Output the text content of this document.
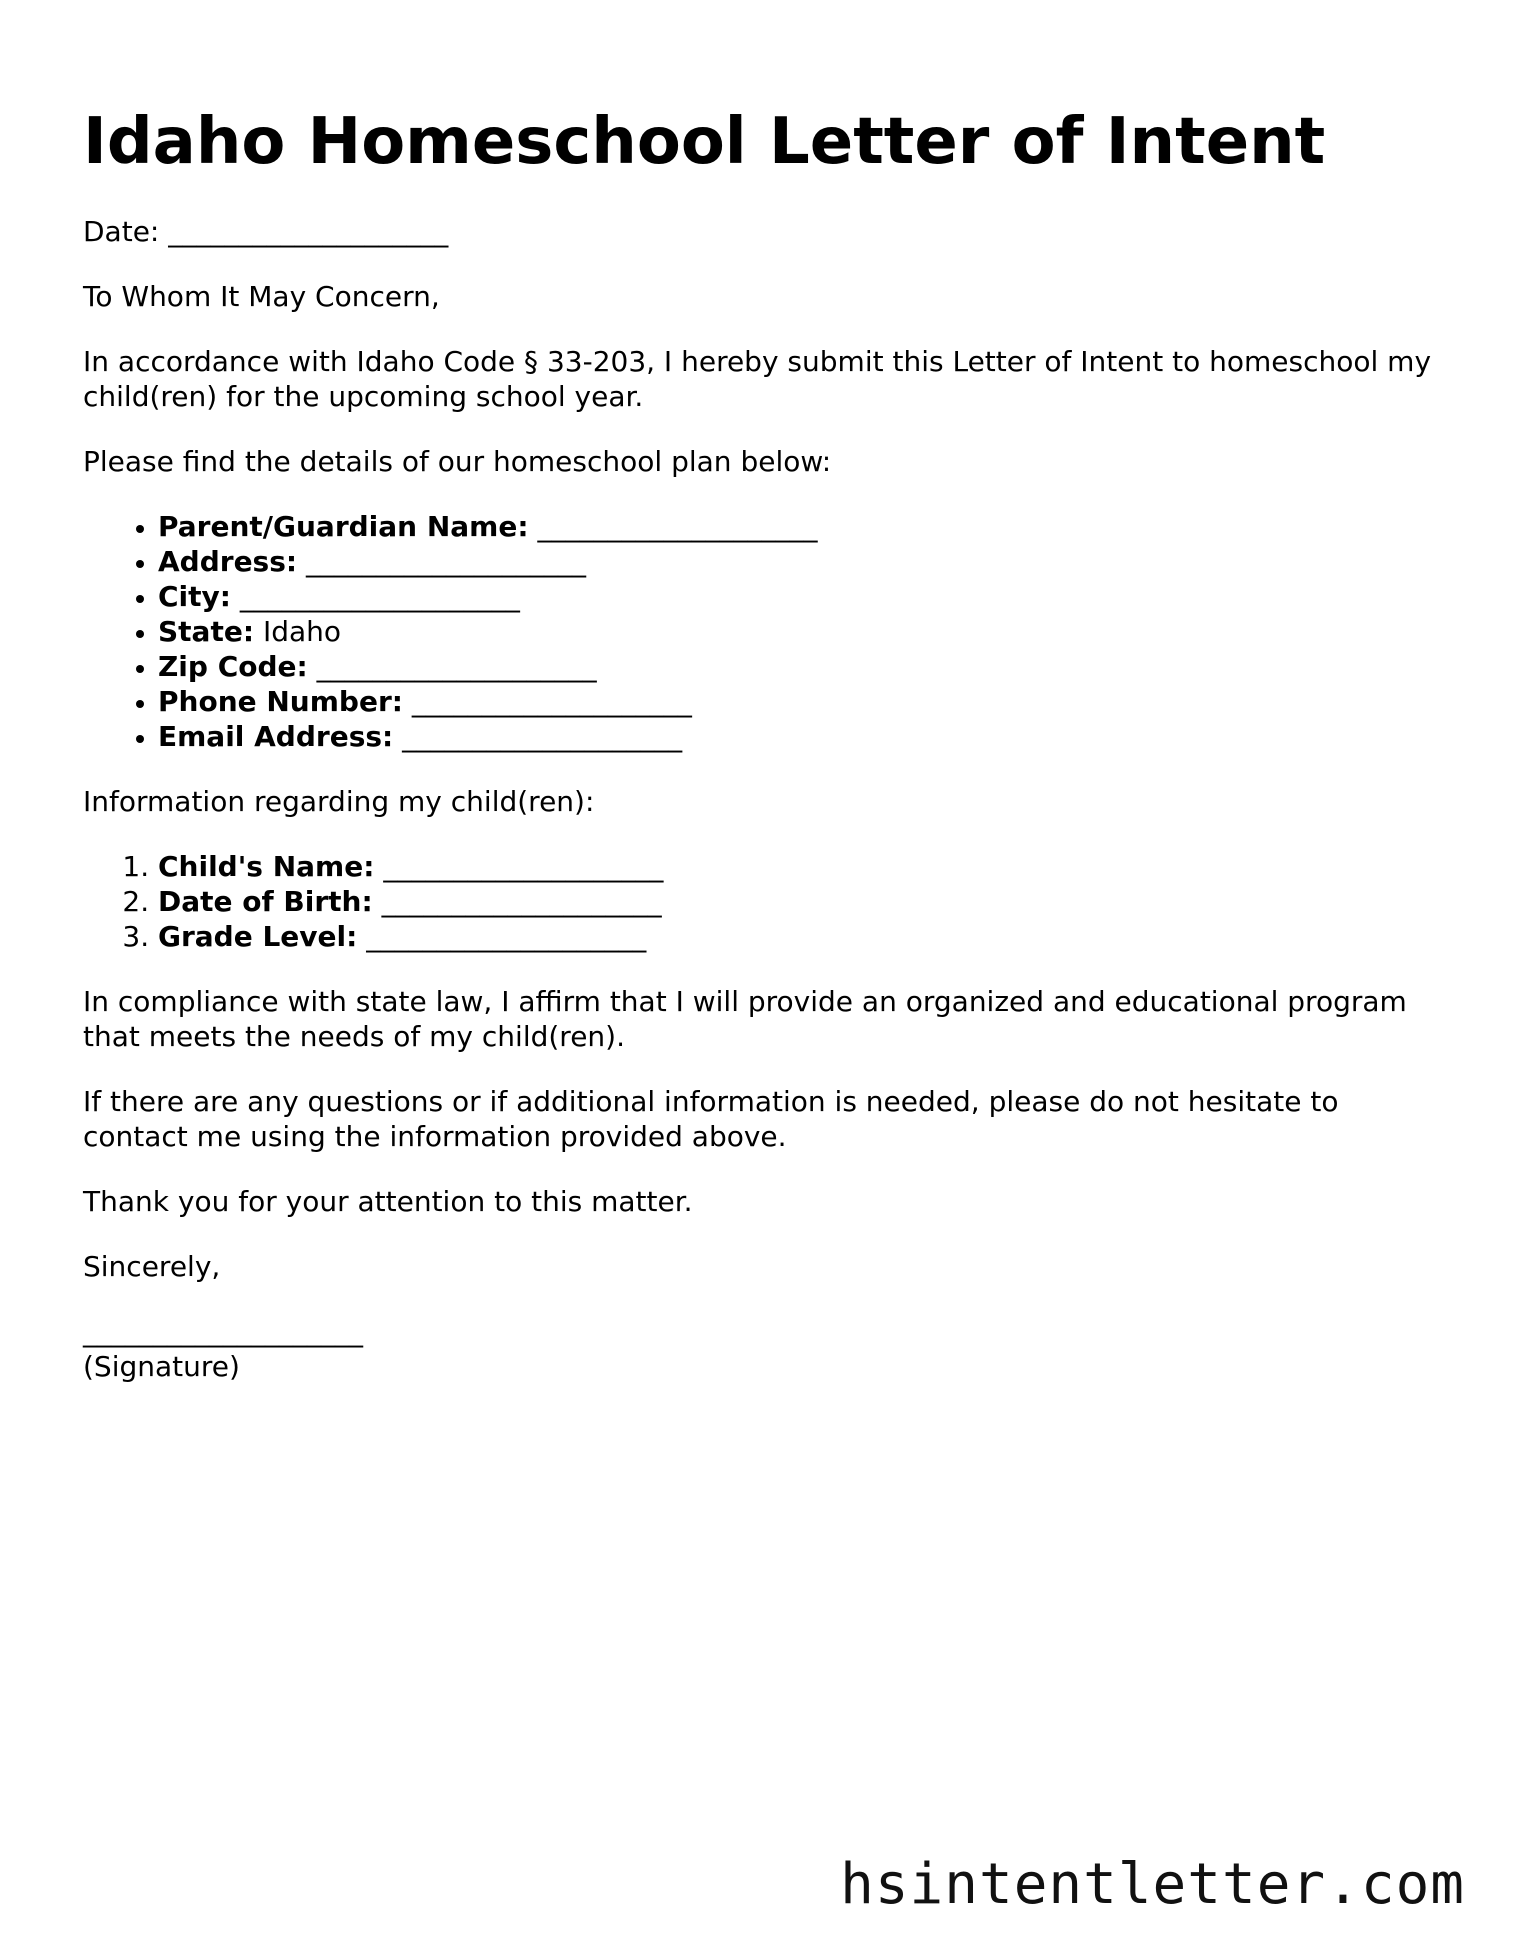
Idaho Homeschool Letter of Intent

Date: ____________________

To Whom It May Concern,

In accordance with Idaho Code § 33-203, I hereby submit this Letter of Intent to homeschool my child(ren) for the upcoming school year.

Please find the details of our homeschool plan below:

• Parent/Guardian Name: ____________________
• Address: ____________________
• City: ____________________
• State: Idaho
• Zip Code: ____________________
• Phone Number: ____________________
• Email Address: ____________________

Information regarding my child(ren):

1. Child's Name: ____________________
2. Date of Birth: ____________________
3. Grade Level: ____________________

In compliance with state law, I affirm that I will provide an organized and educational program that meets the needs of my child(ren).

If there are any questions or if additional information is needed, please do not hesitate to contact me using the information provided above.

Thank you for your attention to this matter.

Sincerely,

____________________
(Signature)
hsintentletter.com
